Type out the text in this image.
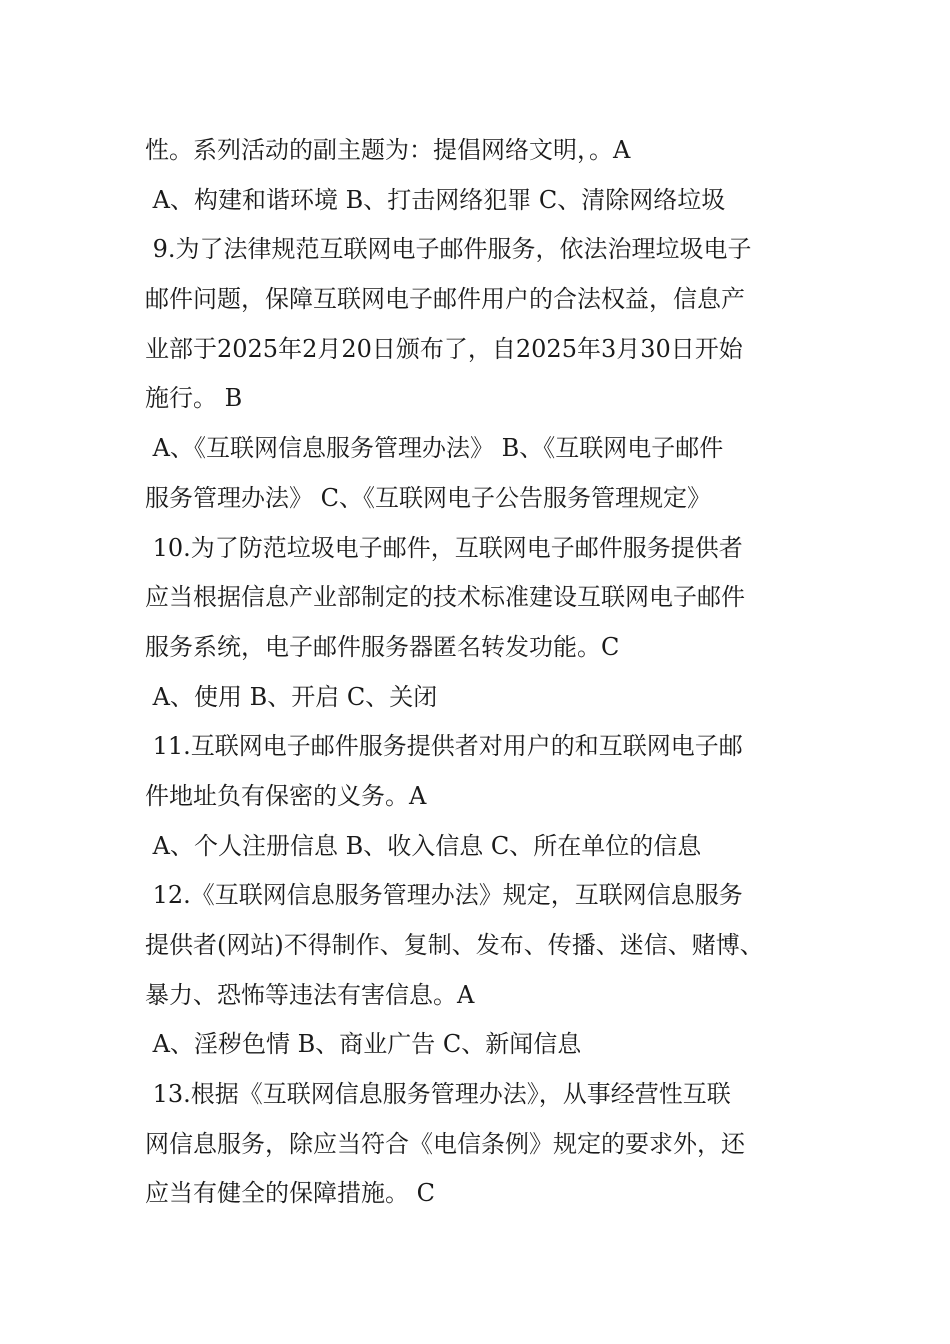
性。系列活动的副主题为：提倡网络文明，。A
A、构建和谐环境 B、打击网络犯罪 C、清除网络垃圾
9.为了法律规范互联网电子邮件服务，依法治理垃圾电子
邮件问题，保障互联网电子邮件用户的合法权益，信息产
业部于2025年2月20日颁布了，自2025年3月30日开始
施行。 B
A、《互联网信息服务管理办法》 B、《互联网电子邮件
服务管理办法》 C、《互联网电子公告服务管理规定》
10.为了防范垃圾电子邮件，互联网电子邮件服务提供者
应当根据信息产业部制定的技术标准建设互联网电子邮件
服务系统，电子邮件服务器匿名转发功能。C
A、使用 B、开启 C、关闭
11.互联网电子邮件服务提供者对用户的和互联网电子邮
件地址负有保密的义务。A
A、个人注册信息 B、收入信息 C、所在单位的信息
12.《互联网信息服务管理办法》规定，互联网信息服务
提供者(网站)不得制作、复制、发布、传播、迷信、赌博、
暴力、恐怖等违法有害信息。A
A、淫秽色情 B、商业广告 C、新闻信息
13.根据《互联网信息服务管理办法》，从事经营性互联
网信息服务，除应当符合《电信条例》规定的要求外，还
应当有健全的保障措施。 C
